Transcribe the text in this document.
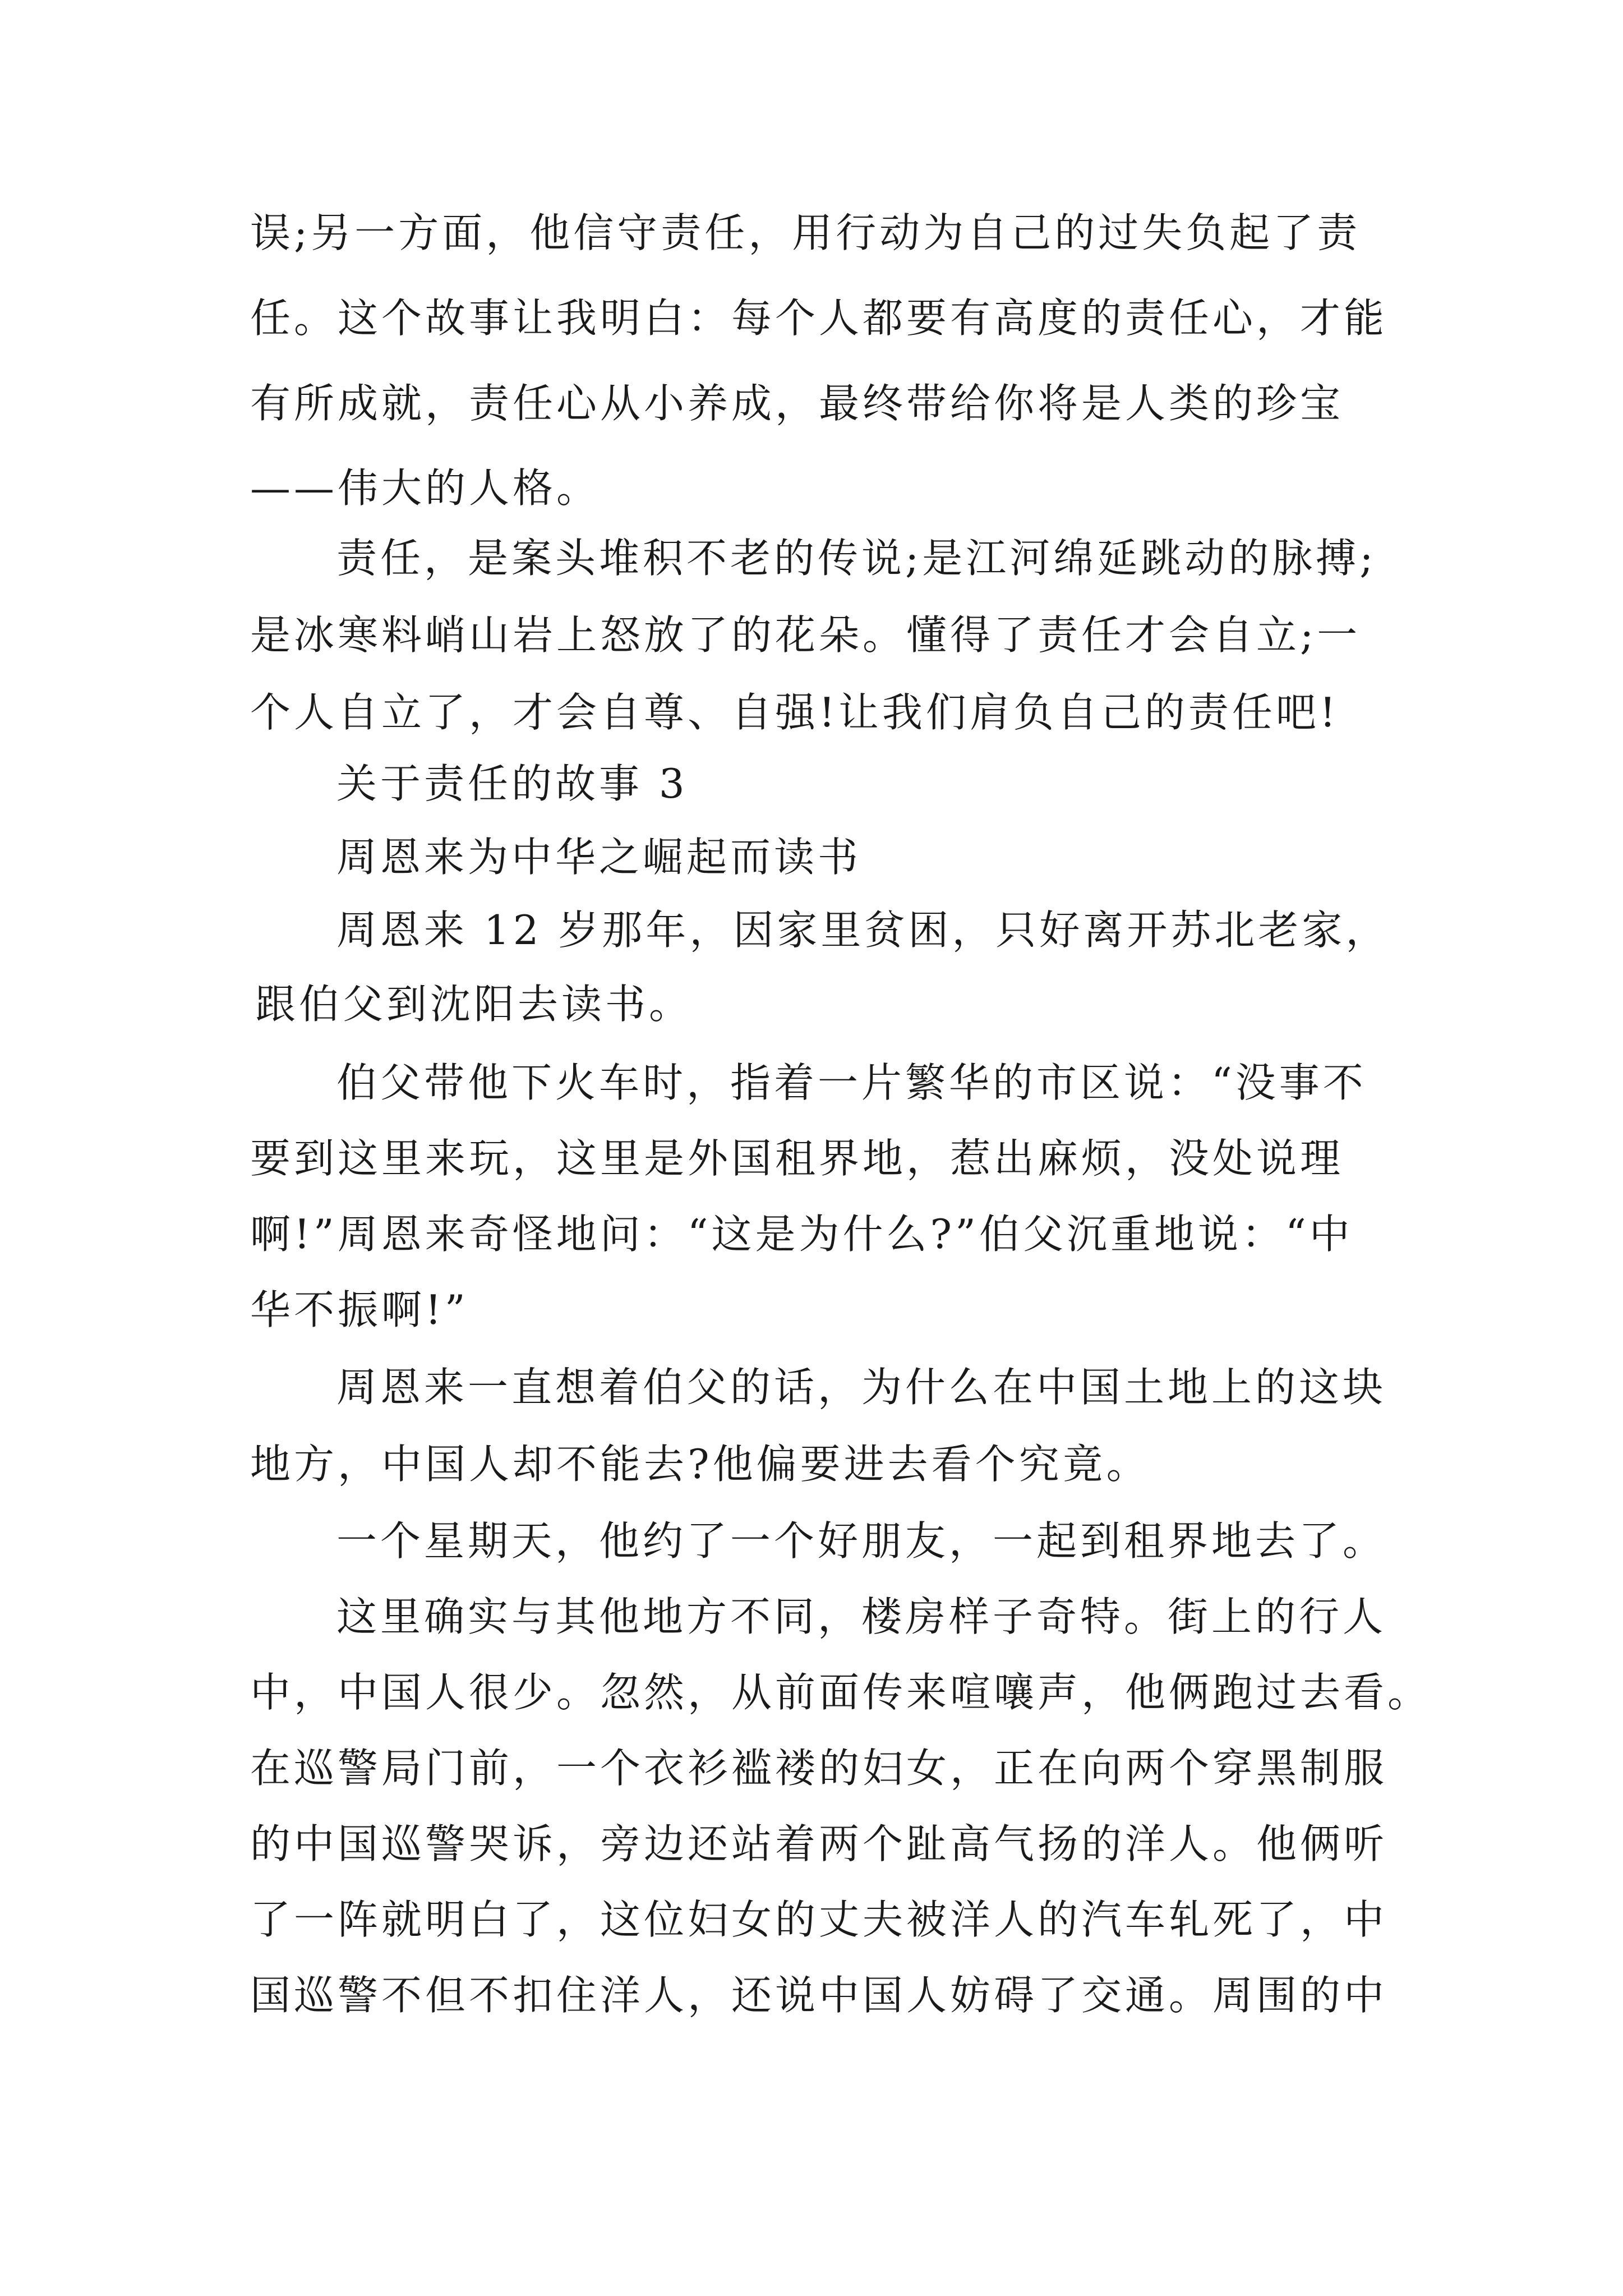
误;另一方面，他信守责任，用行动为自己的过失负起了责
任。这个故事让我明白：每个人都要有高度的责任心，才能
有所成就，责任心从小养成，最终带给你将是人类的珍宝
——伟大的人格。
责任，是案头堆积不老的传说;是江河绵延跳动的脉搏;
是冰寒料峭山岩上怒放了的花朵。懂得了责任才会自立;一
个人自立了，才会自尊、自强!让我们肩负自己的责任吧!
关于责任的故事 3
周恩来为中华之崛起而读书
周恩来 12 岁那年，因家里贫困，只好离开苏北老家，
跟伯父到沈阳去读书。
伯父带他下火车时，指着一片繁华的市区说：“没事不
要到这里来玩，这里是外国租界地，惹出麻烦，没处说理
啊!”周恩来奇怪地问：“这是为什么?”伯父沉重地说：“中
华不振啊!”
周恩来一直想着伯父的话，为什么在中国土地上的这块
地方，中国人却不能去?他偏要进去看个究竟。
一个星期天，他约了一个好朋友，一起到租界地去了。
这里确实与其他地方不同，楼房样子奇特。街上的行人
中，中国人很少。忽然，从前面传来喧嚷声，他俩跑过去看。
在巡警局门前，一个衣衫褴褛的妇女，正在向两个穿黑制服
的中国巡警哭诉，旁边还站着两个趾高气扬的洋人。他俩听
了一阵就明白了，这位妇女的丈夫被洋人的汽车轧死了，中
国巡警不但不扣住洋人，还说中国人妨碍了交通。周围的中
